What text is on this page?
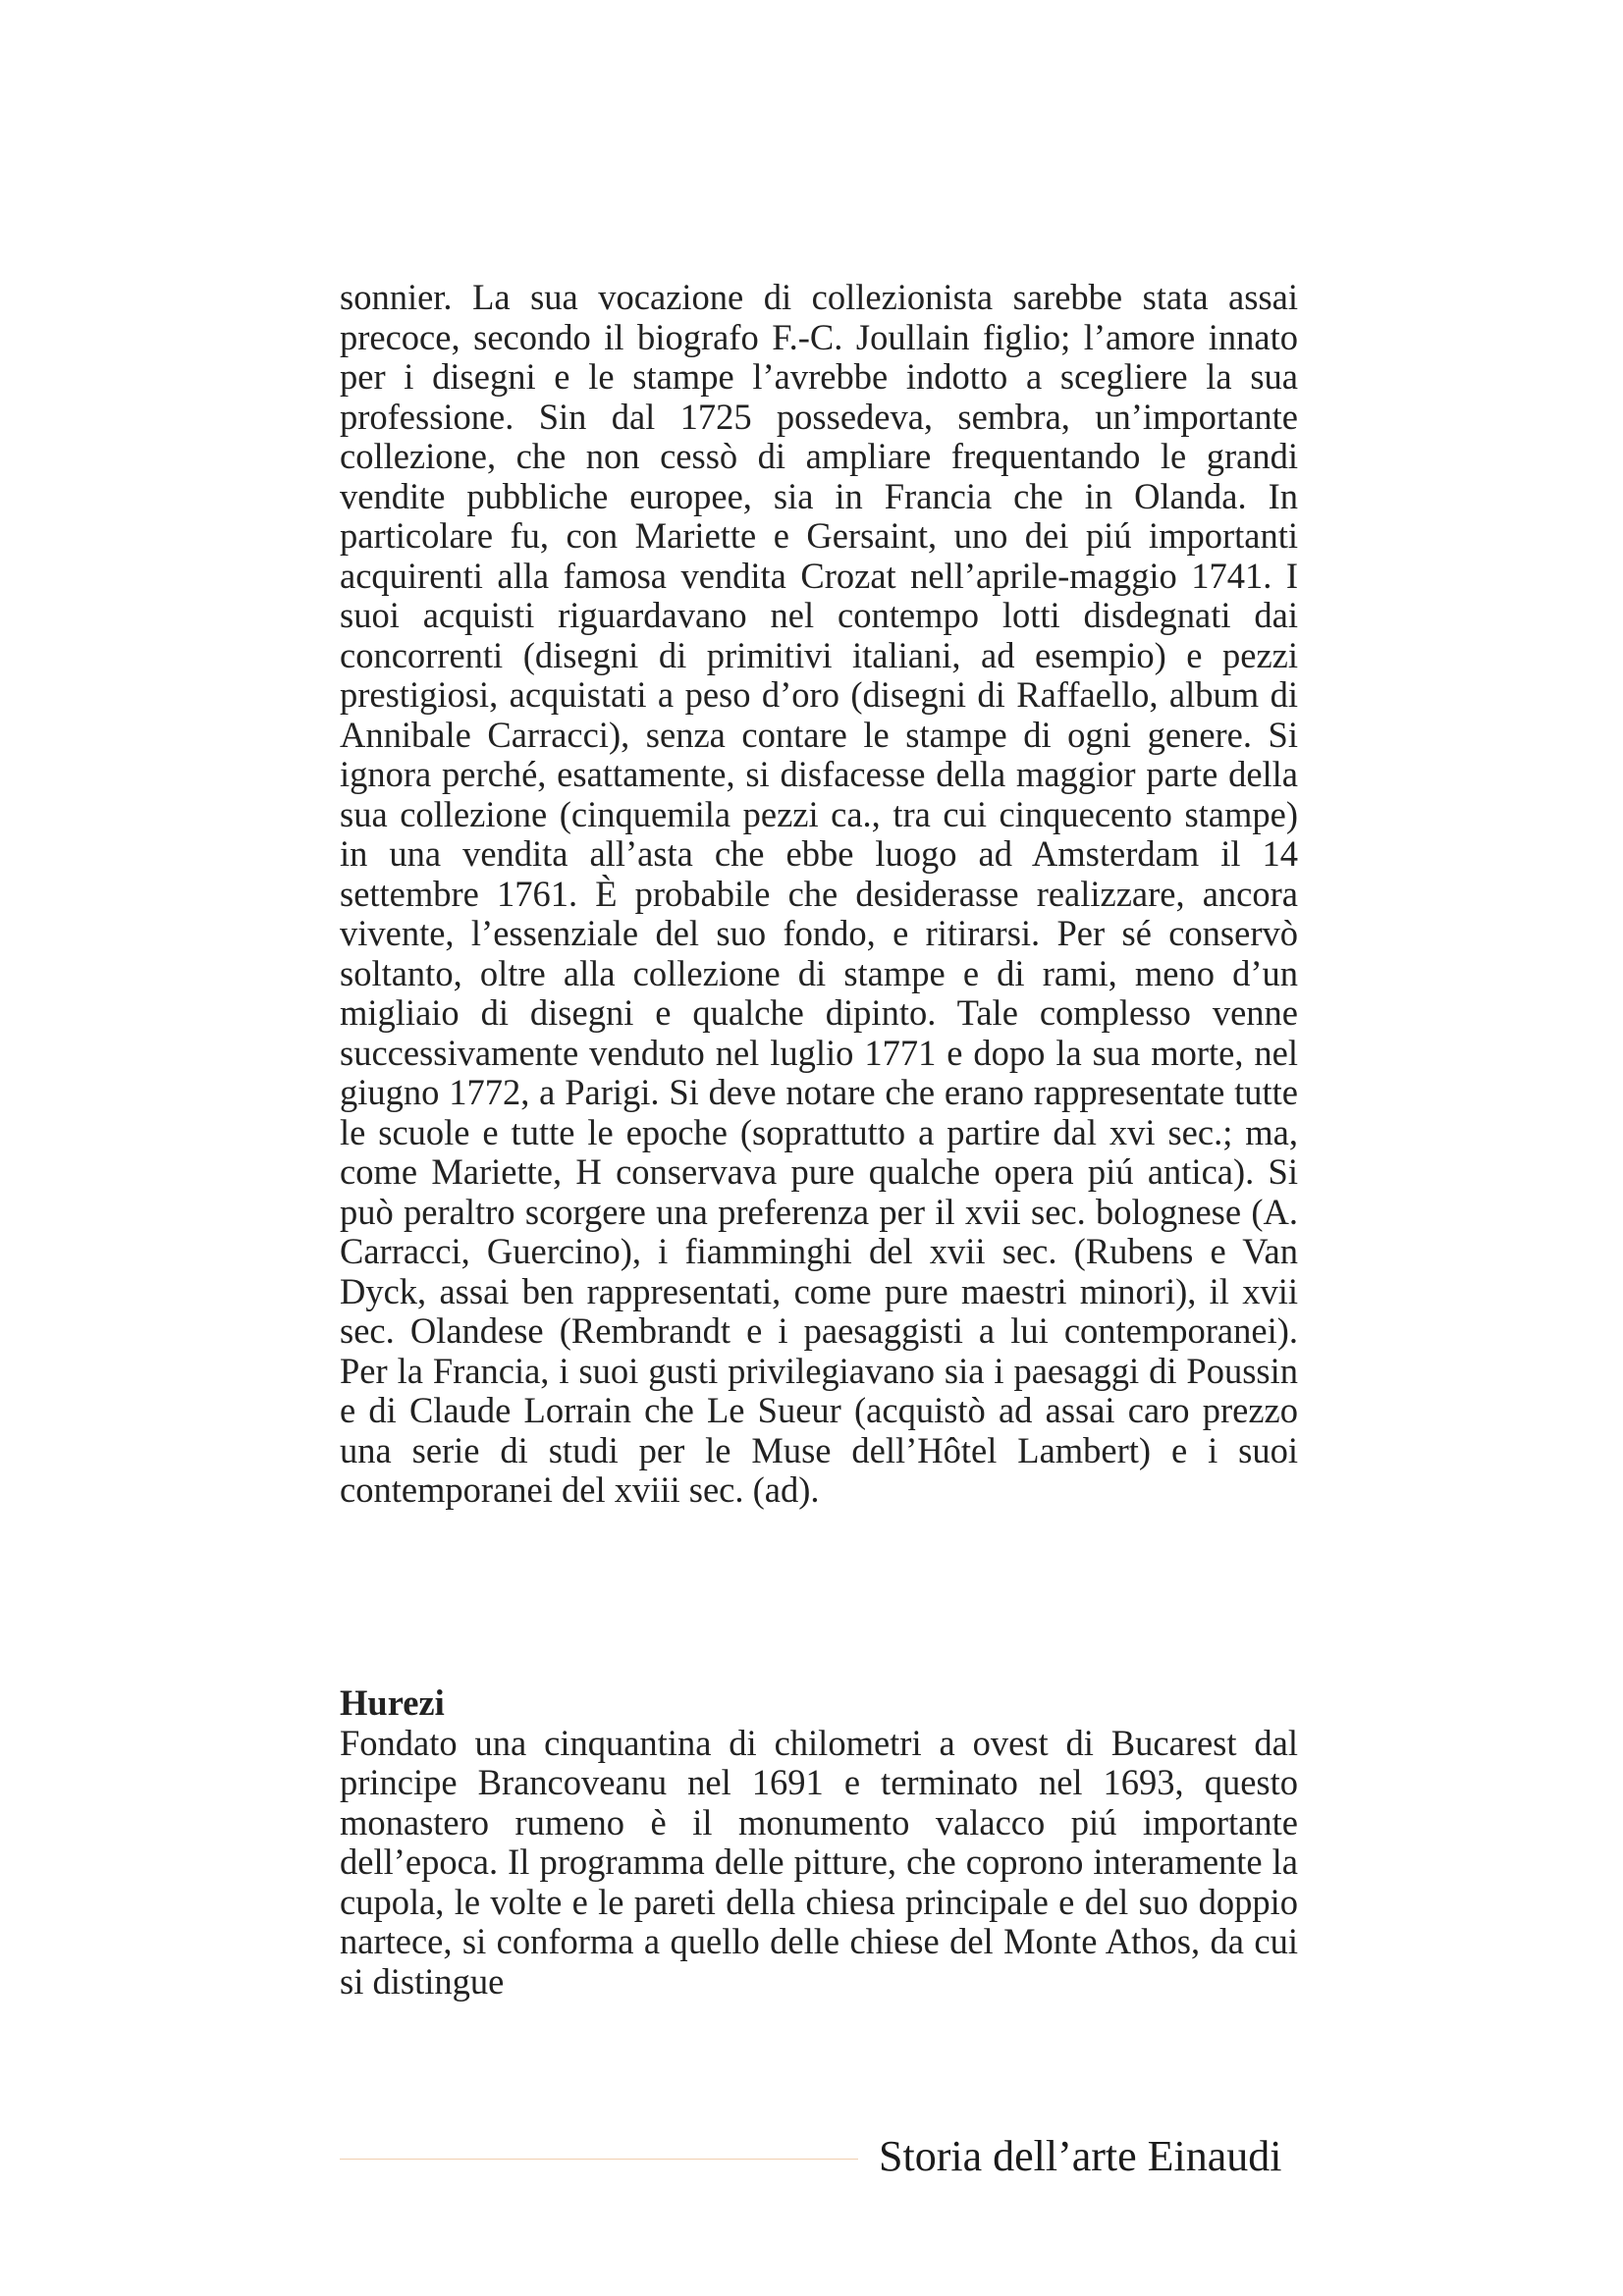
sonnier. La sua vocazione di collezionista sarebbe stata assai precoce, secondo il biografo F.-C. Joullain figlio; l’amore innato per i disegni e le stampe l’avrebbe indotto a scegliere la sua professione. Sin dal 1725 possedeva, sembra, un’importante collezione, che non cessò di ampliare frequentando le grandi vendite pubbliche europee, sia in Francia che in Olanda. In particolare fu, con Mariette e Gersaint, uno dei piú importanti acquirenti alla famosa vendita Crozat nell’aprile-maggio 1741. I suoi acquisti riguardavano nel contempo lotti disdegnati dai concorrenti (disegni di primitivi italiani, ad esempio) e pezzi prestigiosi, acquistati a peso d’oro (disegni di Raffaello, album di Annibale Carracci), senza contare le stampe di ogni genere. Si ignora perché, esattamente, si disfacesse della maggior parte della sua collezione (cinquemila pezzi ca., tra cui cinquecento stampe) in una vendita all’asta che ebbe luogo ad Amsterdam il 14 settembre 1761. È probabile che desiderasse realizzare, ancora vivente, l’essenziale del suo fondo, e ritirarsi. Per sé conservò soltanto, oltre alla collezione di stampe e di rami, meno d’un migliaio di disegni e qualche dipinto. Tale complesso venne successivamente venduto nel luglio 1771 e dopo la sua morte, nel giugno 1772, a Parigi. Si deve notare che erano rappresentate tutte le scuole e tutte le epoche (soprattutto a partire dal xvi sec.; ma, come Mariette, H conservava pure qualche opera piú antica). Si può peraltro scorgere una preferenza per il xvii sec. bolognese (A. Carracci, Guercino), i fiamminghi del xvii sec. (Rubens e Van Dyck, assai ben rappresentati, come pure maestri minori), il xvii sec. Olandese (Rembrandt e i paesaggisti a lui contemporanei). Per la Francia, i suoi gusti privilegiavano sia i paesaggi di Poussin e di Claude Lorrain che Le Sueur (acquistò ad assai caro prezzo una serie di studi per le Muse dell’Hôtel Lambert) e i suoi contemporanei del xviii sec. (ad).

Hurezi

Fondato una cinquantina di chilometri a ovest di Bucarest dal principe Brancoveanu nel 1691 e terminato nel 1693, questo monastero rumeno è il monumento valacco piú importante dell’epoca. Il programma delle pitture, che coprono interamente la cupola, le volte e le pareti della chiesa principale e del suo doppio nartece, si conforma a quello delle chiese del Monte Athos, da cui si distingue

Storia dell’arte Einaudi
